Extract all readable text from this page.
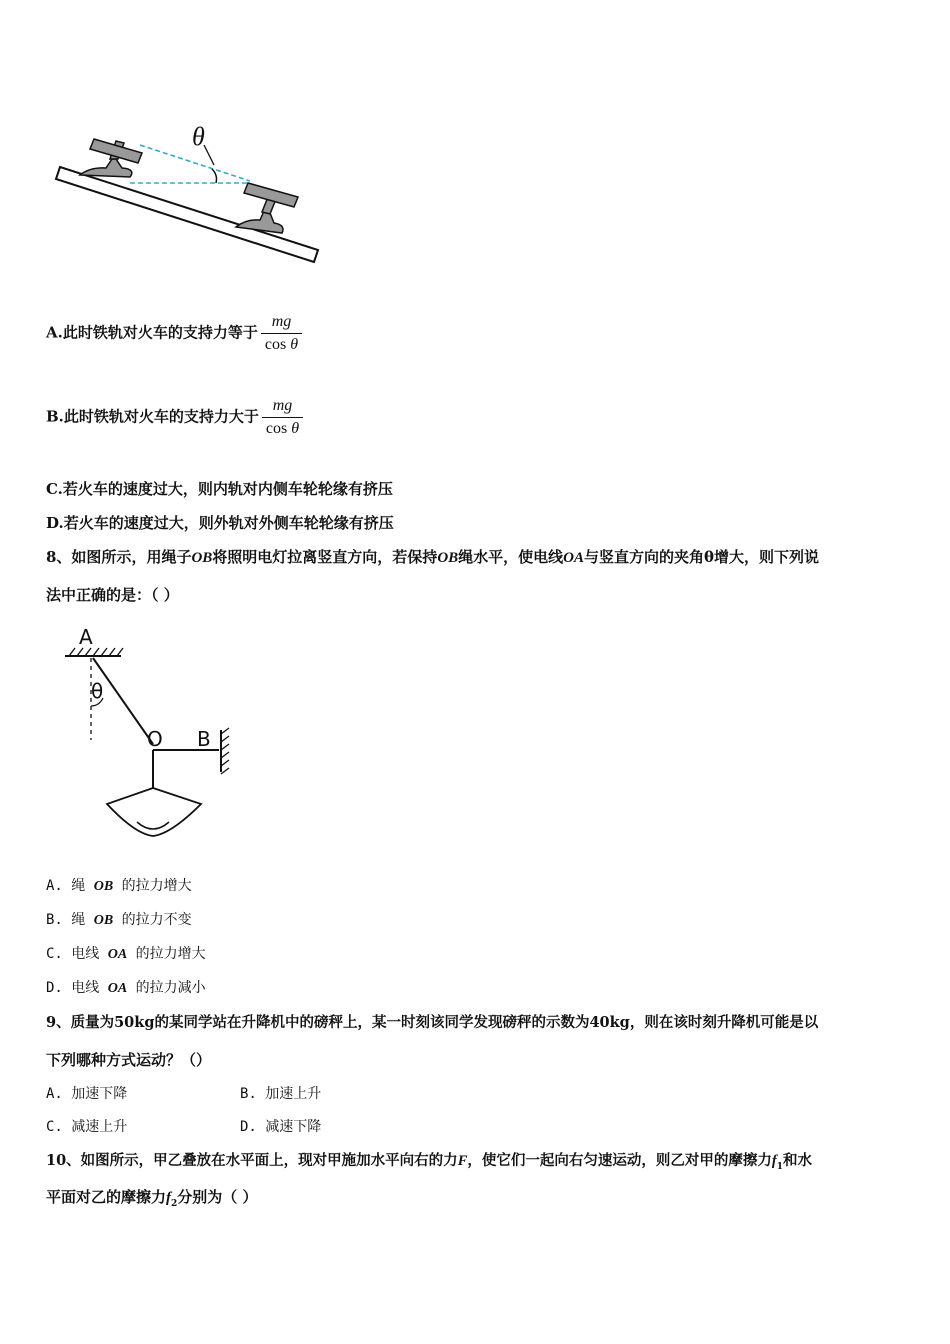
θ
A.此时铁轨对火车的支持力等于 $\frac{mg}{\text{cos θ}}$
B.此时铁轨对火车的支持力大于 $\frac{mg}{\text{cos θ}}$
C.若火车的速度过大，则内轨对内侧车轮轮缘有挤压
D.若火车的速度过大，则外轨对外侧车轮轮缘有挤压
8、如图所示，用绳子OB将照明电灯拉离竖直方向，若保持OB绳水平，使电线OA与竖直方向的夹角θ增大，则下列说
法中正确的是：（ ）
A
θ
O B
A. 绳 OB 的拉力增大
B. 绳 OB 的拉力不变
C. 电线 OA 的拉力增大
D. 电线 OA 的拉力减小
9、质量为50kg的某同学站在升降机中的磅秤上，某一时刻该同学发现磅秤的示数为40kg，则在该时刻升降机可能是以
下列哪种方式运动？（）
A. 加速下降	B. 加速上升
C. 减速上升	D. 减速下降
10、如图所示，甲乙叠放在水平面上，现对甲施加水平向右的力F，使它们一起向右匀速运动，则乙对甲的摩擦力$f_1$和水
平面对乙的摩擦力$f_2$分别为（ ）
